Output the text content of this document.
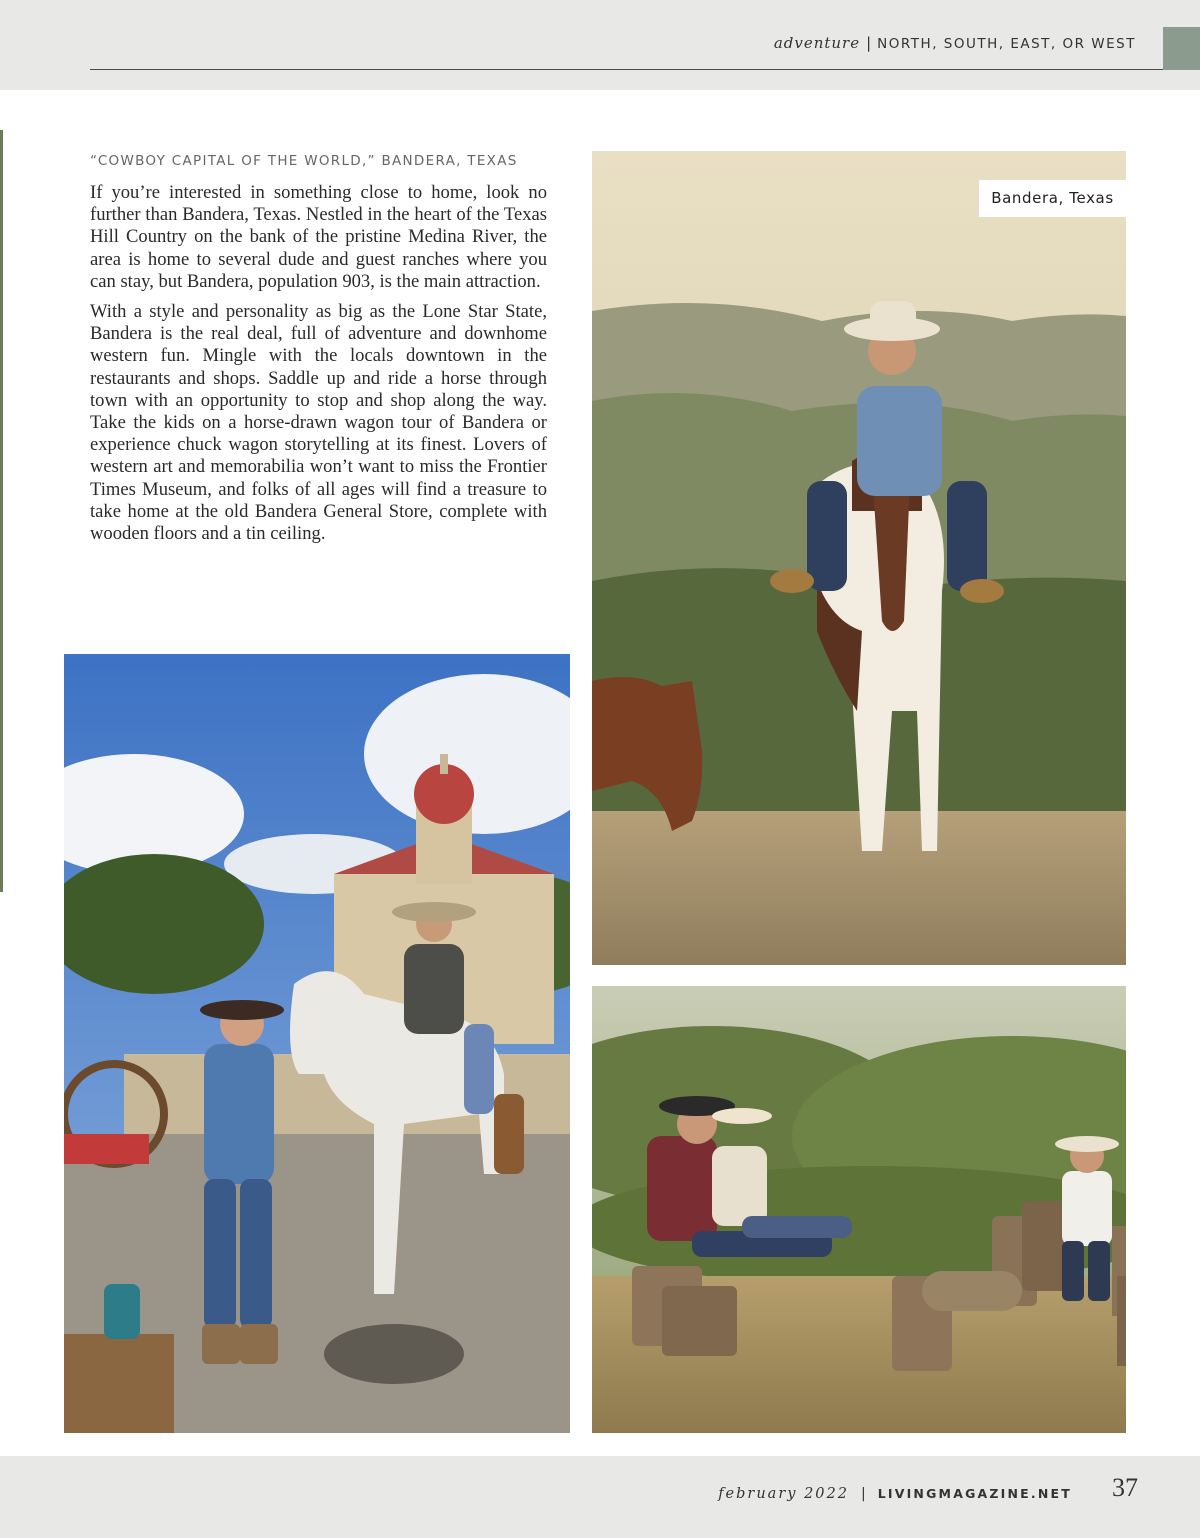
adventure | NORTH, SOUTH, EAST, OR WEST
“COWBOY CAPITAL OF THE WORLD,” BANDERA, TEXAS

If you’re interested in something close to home, look no further than Bandera, Texas. Nestled in the heart of the Texas Hill Country on the bank of the pristine Medina River, the area is home to several dude and guest ranches where you can stay, but Bandera, population 903, is the main attraction.

With a style and personality as big as the Lone Star State, Bandera is the real deal, full of adventure and downhome western fun. Mingle with the locals downtown in the restaurants and shops. Saddle up and ride a horse through town with an opportunity to stop and shop along the way. Take the kids on a horse-drawn wagon tour of Bandera or experience chuck wagon storytelling at its finest. Lovers of western art and memorabilia won’t want to miss the Frontier Times Museum, and folks of all ages will find a treasure to take home at the old Bandera General Store, complete with wooden floors and a tin ceiling.

Bandera, Texas
february 2022 | LIVINGMAGAZINE.NET 37
